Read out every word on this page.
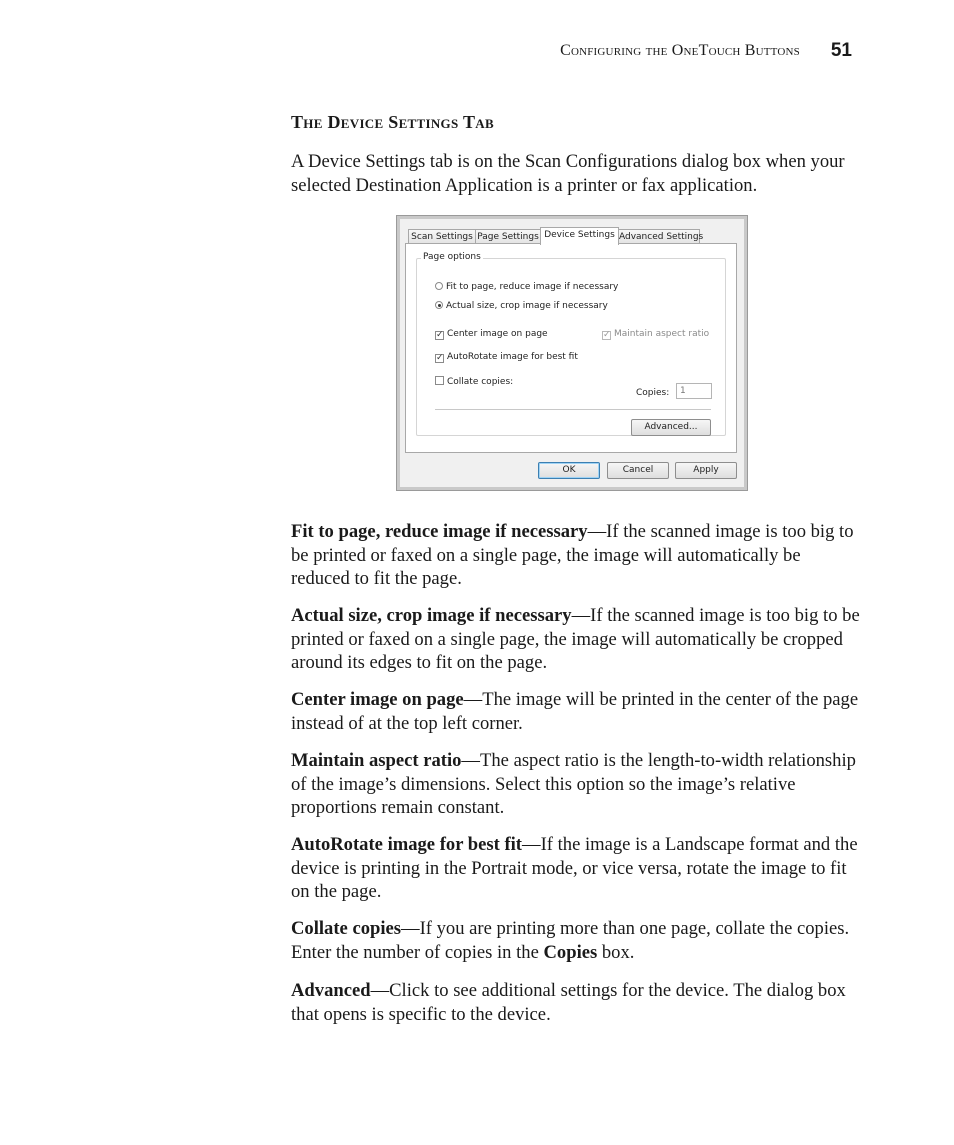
Configuring the OneTouch Buttons 51
The Device Settings Tab
A Device Settings tab is on the Scan Configurations dialog box when your selected Destination Application is a printer or fax application.
Scan Settings Page Settings Device Settings Advanced Settings
Page options
Fit to page, reduce image if necessary
Actual size, crop image if necessary
✓ Center image on page	✓ Maintain aspect ratio
✓ AutoRotate image for best fit
Collate copies:
Copies:	1
Advanced...
OK	Cancel	Apply
Fit to page, reduce image if necessary—If the scanned image is too big to be printed or faxed on a single page, the image will automatically be reduced to fit the page.
Actual size, crop image if necessary—If the scanned image is too big to be printed or faxed on a single page, the image will automatically be cropped around its edges to fit on the page.
Center image on page—The image will be printed in the center of the page instead of at the top left corner.
Maintain aspect ratio—The aspect ratio is the length-to-width relationship of the image’s dimensions. Select this option so the image’s relative proportions remain constant.
AutoRotate image for best fit—If the image is a Landscape format and the device is printing in the Portrait mode, or vice versa, rotate the image to fit on the page.
Collate copies—If you are printing more than one page, collate the copies. Enter the number of copies in the Copies box.
Advanced—Click to see additional settings for the device. The dialog box that opens is specific to the device.
